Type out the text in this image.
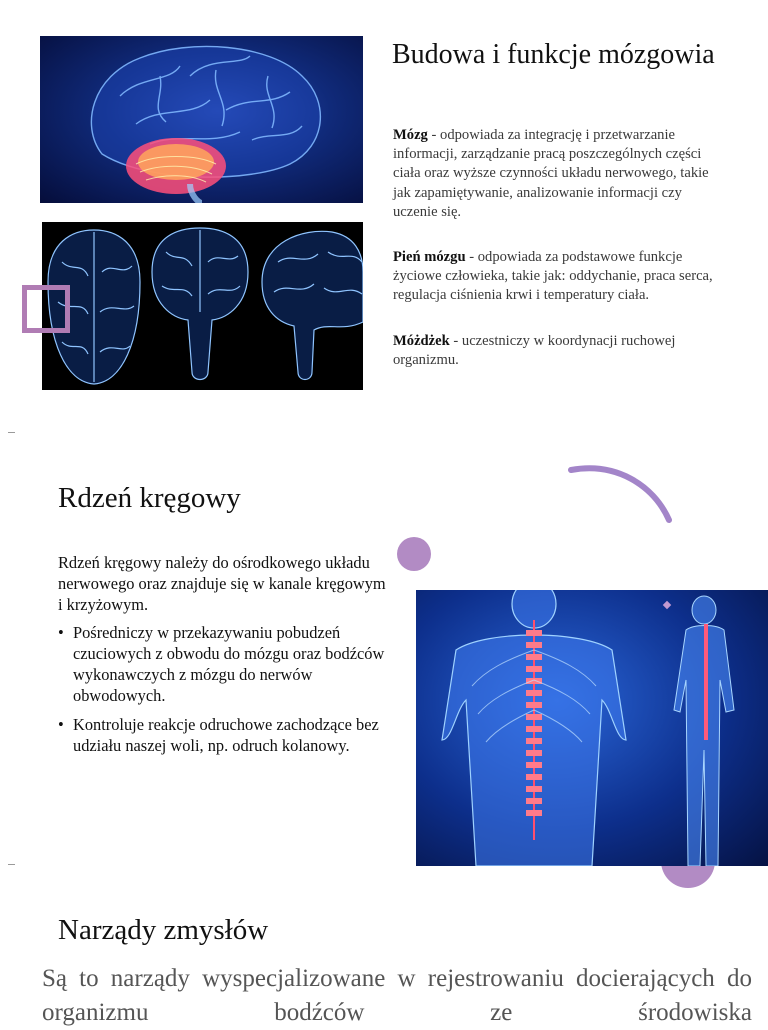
Budowa i funkcje mózgowia
Mózg - odpowiada za integrację i przetwarzanie informacji, zarządzanie pracą poszczególnych części ciała oraz wyższe czynności układu nerwowego, takie jak zapamiętywanie, analizowanie informacji czy uczenie się.
Pień mózgu - odpowiada za podstawowe funkcje życiowe człowieka, takie jak: oddychanie, praca serca, regulacja ciśnienia krwi i temperatury ciała.
Móżdżek - uczestniczy w koordynacji ruchowej organizmu.
Rdzeń kręgowy
Rdzeń kręgowy należy do ośrodkowego układu nerwowego oraz znajduje się w kanale kręgowym i krzyżowym.
• Pośredniczy w przekazywaniu pobudzeń czuciowych z obwodu do mózgu oraz bodźców wykonawczych z mózgu do nerwów obwodowych.
• Kontroluje reakcje odruchowe zachodzące bez udziału naszej woli, np. odruch kolanowy.
Narządy zmysłów
Są to narządy wyspecjalizowane w rejestrowaniu docierających do organizmu bodźców ze środowiska
